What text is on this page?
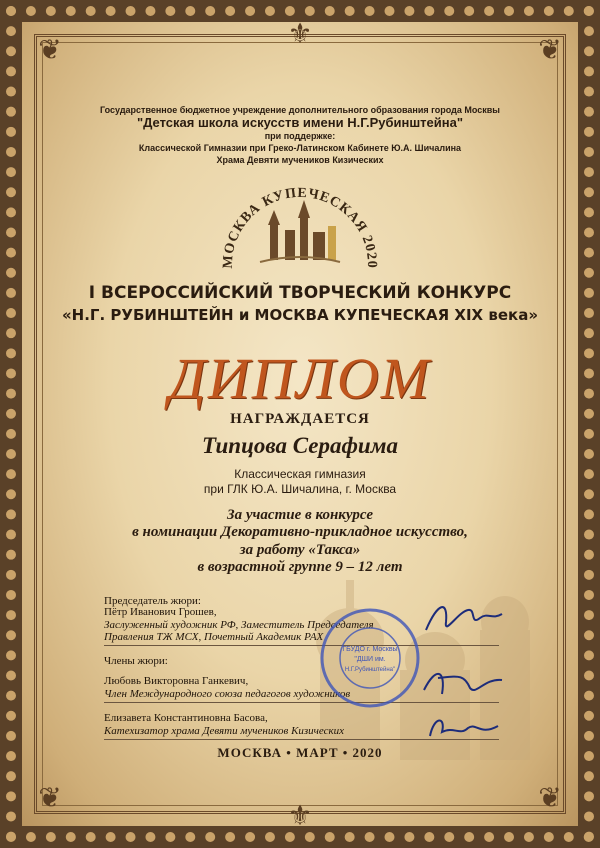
❦	❦
❦	❦
⚜
⚜
Государственное бюджетное учреждение дополнительного образования города Москвы
"Детская школа искусств имени Н.Г.Рубинштейна"
при поддержке:
Классической Гимназии при Греко-Латинском Кабинете Ю.А. Шичалина
Храма Девяти мучеников Кизических
МОСКВА КУПЕЧЕСКАЯ 2020
I ВСЕРОССИЙСКИЙ ТВОРЧЕСКИЙ КОНКУРС
«Н.Г. РУБИНШТЕЙН и МОСКВА КУПЕЧЕСКАЯ XIX века»
ДИПЛОМ
НАГРАЖДАЕТСЯ
Типцова Серафима
Классическая гимназия
при ГЛК Ю.А. Шичалина, г. Москва
За участие в конкурсе
в номинации Декоративно-прикладное искусство,
за работу «Такса»
в возрастной группе 9 – 12 лет
Председатель жюри:
Пётр Иванович Грошев,
Заслуженный художник РФ, Заместитель Председателя
Правления ТЖ МСХ, Почетный Академик РАХ
Члены жюри:
Любовь Викторовна Ганкевич,
Член Международного союза педагогов художников
Елизавета Константиновна Басова,
Катехизатор храма Девяти мучеников Кизических
ГБУДО г. Москвы
"ДШИ им.
Н.Г.Рубинштейна"
МОСКВА • МАРТ • 2020
